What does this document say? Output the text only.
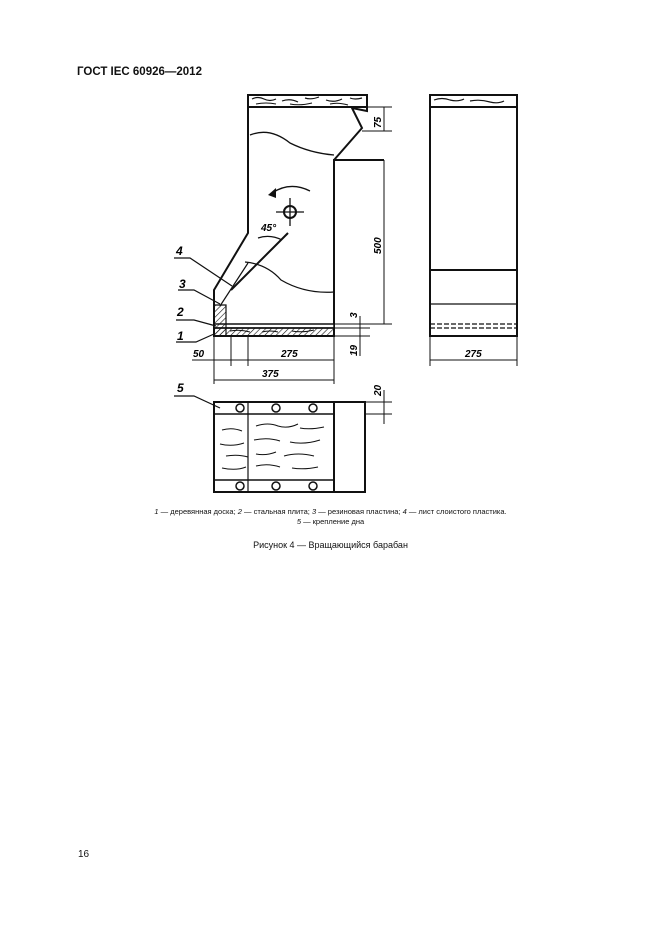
ГОСТ IEC 60926—2012
4
3
2
1
5
75
500
3
19
20
50	275
375
275
45°
1 — деревянная доска; 2 — стальная плита; 3 — резиновая пластина; 4 — лист слоистого пластика.
5 — крепление дна
Рисунок 4 — Вращающийся барабан
16
